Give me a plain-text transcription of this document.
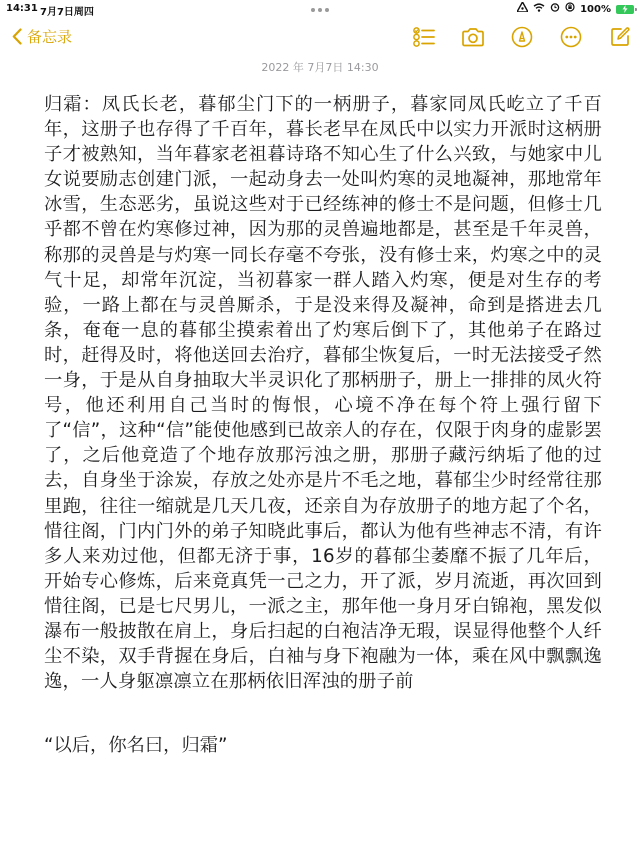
14:31 7月7日周四	100%
备忘录
2022 年 7月7日 14:30
归霜：凤氏长老，暮郁尘门下的一柄册子，暮家同凤氏屹立了千百年，这册子也存得了千百年，暮长老早在凤氏中以实力开派时这柄册子才被熟知，当年暮家老祖暮诗珞不知心生了什么兴致，与她家中儿女说要励志创建门派，一起动身去一处叫灼寒的灵地凝神，那地常年冰雪，生态恶劣，虽说这些对于已经练神的修士不是问题，但修士几乎都不曾在灼寒修过神，因为那的灵兽遍地都是，甚至是千年灵兽，称那的灵兽是与灼寒一同长存毫不夸张，没有修士来，灼寒之中的灵气十足，却常年沉淀，当初暮家一群人踏入灼寒，便是对生存的考验，一路上都在与灵兽厮杀，于是没来得及凝神，命到是搭进去几条，奄奄一息的暮郁尘摸索着出了灼寒后倒下了，其他弟子在路过时，赶得及时，将他送回去治疗，暮郁尘恢复后，一时无法接受孑然一身，于是从自身抽取大半灵识化了那柄册子，册上一排排的凤火符号，他还利用自己当时的悔恨，心境不净在每个符上强行留下了“信”，这种“信”能使他感到已故亲人的存在，仅限于肉身的虚影罢了，之后他竟造了个地存放那污浊之册，那册子藏污纳垢了他的过去，自身坐于涂炭，存放之处亦是片不毛之地，暮郁尘少时经常往那里跑，往往一缩就是几天几夜，还亲自为存放册子的地方起了个名，惜往阁，门内门外的弟子知晓此事后，都认为他有些神志不清，有许多人来劝过他，但都无济于事，16岁的暮郁尘萎靡不振了几年后，开始专心修炼，后来竟真凭一己之力，开了派，岁月流逝，再次回到惜往阁，已是七尺男儿，一派之主，那年他一身月牙白锦袍，黑发似瀑布一般披散在肩上，身后扫起的白袍洁净无瑕，误显得他整个人纤尘不染，双手背握在身后，白袖与身下袍融为一体，乘在风中飘飘逸逸，一人身躯凛凛立在那柄依旧浑浊的册子前
“以后，你名曰，归霜”
